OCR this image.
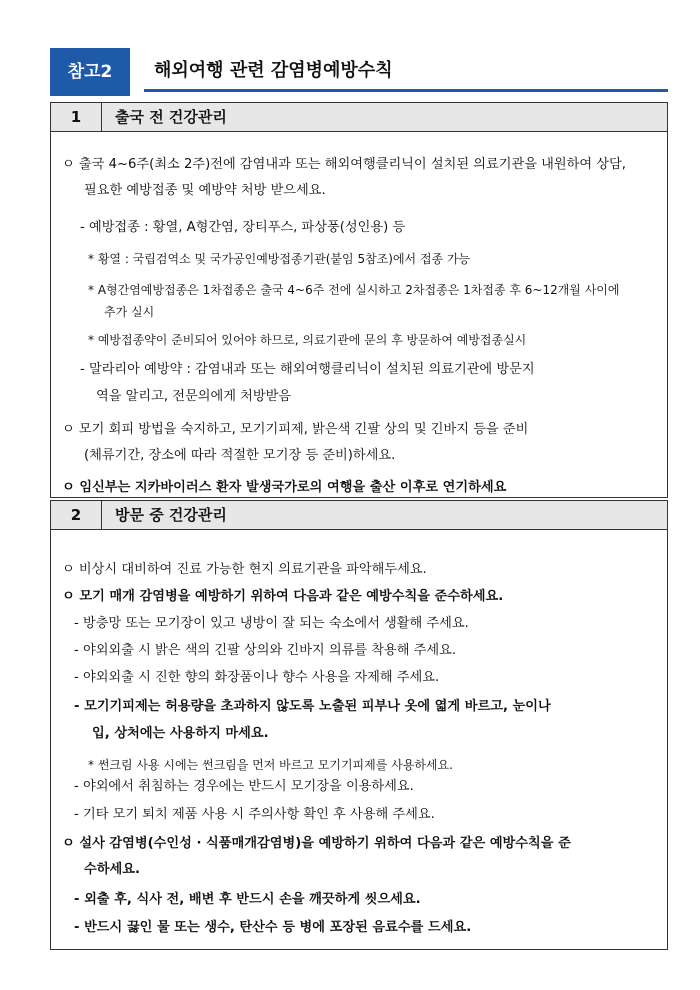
참고2	해외여행 관련 감염병예방수칙
1	출국 전 건강관리
ㅇ 출국 4~6주(최소 2주)전에 감염내과 또는 해외여행클리닉이 설치된 의료기관을 내원하여 상담,
필요한 예방접종 및 예방약 처방 받으세요.
- 예방접종 : 황열, A형간염, 장티푸스, 파상풍(성인용) 등
* 황열 : 국립검역소 및 국가공인예방접종기관(붙임 5참조)에서 접종 가능
* A형간염예방접종은 1차접종은 출국 4~6주 전에 실시하고 2차접종은 1차접종 후 6~12개월 사이에
추가 실시
* 예방접종약이 준비되어 있어야 하므로, 의료기관에 문의 후 방문하여 예방접종실시
- 말라리아 예방약 : 감염내과 또는 해외여행클리닉이 설치된 의료기관에 방문지
역을 알리고, 전문의에게 처방받음
ㅇ 모기 회피 방법을 숙지하고, 모기기피제, 밝은색 긴팔 상의 및 긴바지 등을 준비
(체류기간, 장소에 따라 적절한 모기장 등 준비)하세요.
ㅇ 임신부는 지카바이러스 환자 발생국가로의 여행을 출산 이후로 연기하세요
2	방문 중 건강관리
ㅇ 비상시 대비하여 진료 가능한 현지 의료기관을 파악해두세요.
ㅇ 모기 매개 감염병을 예방하기 위하여 다음과 같은 예방수칙을 준수하세요.
- 방충망 또는 모기장이 있고 냉방이 잘 되는 숙소에서 생활해 주세요.
- 야외외출 시 밝은 색의 긴팔 상의와 긴바지 의류를 착용해 주세요.
- 야외외출 시 진한 향의 화장품이나 향수 사용을 자제해 주세요.
- 모기기피제는 허용량을 초과하지 않도록 노출된 피부나 옷에 엷게 바르고, 눈이나
입, 상처에는 사용하지 마세요.
* 썬크림 사용 시에는 썬크림을 먼저 바르고 모기기피제를 사용하세요.
- 야외에서 취침하는 경우에는 반드시 모기장을 이용하세요.
- 기타 모기 퇴치 제품 사용 시 주의사항 확인 후 사용해 주세요.
ㅇ 설사 감염병(수인성 · 식품매개감염병)을 예방하기 위하여 다음과 같은 예방수칙을 준
수하세요.
- 외출 후, 식사 전, 배변 후 반드시 손을 깨끗하게 씻으세요.
- 반드시 끓인 물 또는 생수, 탄산수 등 병에 포장된 음료수를 드세요.
